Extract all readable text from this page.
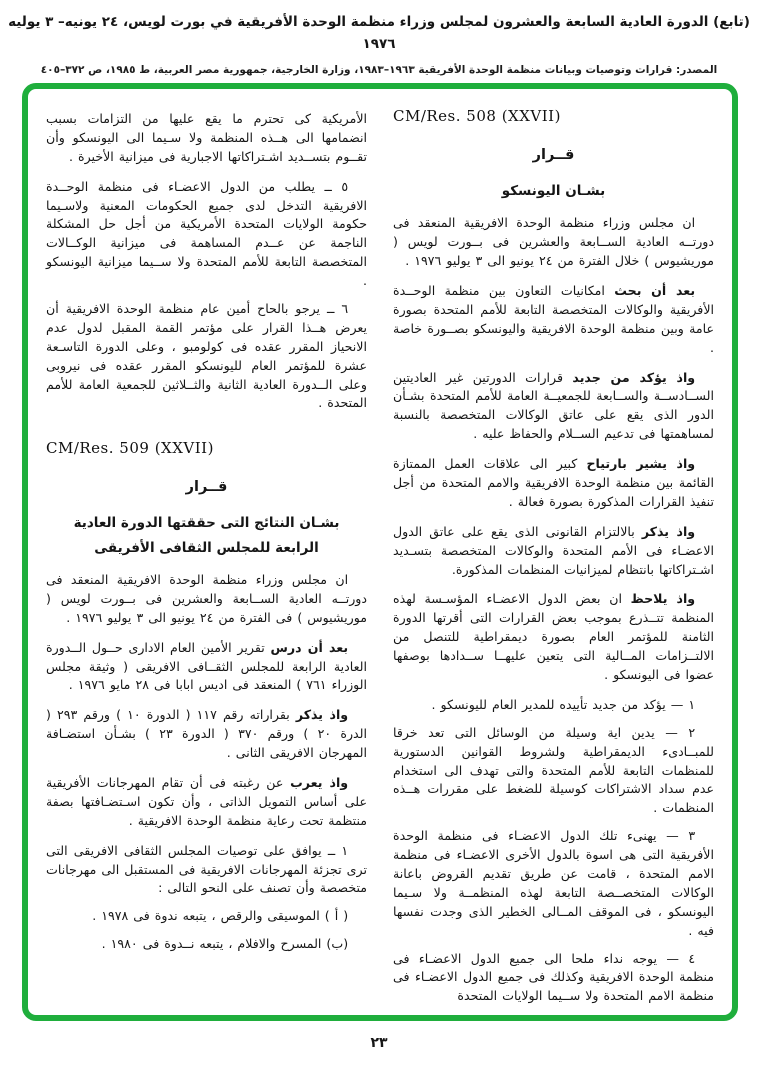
(تابع) الدورة العادية السابعة والعشرون لمجلس وزراء منظمة الوحدة الأفريقية في بورت لويس، ٢٤ يونيه– ٣ يوليه ١٩٧٦
المصدر: قرارات وتوصيات وبيانات منظمة الوحدة الأفريقية ١٩٦٣–١٩٨٣، وزارة الخارجية، جمهورية مصر العربية، ط ١٩٨٥، ص ٣٧٢–٤٠٥
CM/Res. 508 (XXVII)
قــرار
بشـان اليونسكو

ان مجلس وزراء منظمة الوحدة الافريقية المنعقد فى دورتــه العادية الســابعة والعشرين فى بــورت لويس ( موريشيوس ) خلال الفترة من ٢٤ يونيو الى ٣ يوليو ١٩٧٦ .

بعد أن بحث امكانيات التعاون بين منظمة الوحــدة الأفريقية والوكالات المتخصصة التابعة للأمم المتحدة بصورة عامة وبين منظمة الوحدة الافريقية واليونسكو بصــورة خاصة .

واذ يؤكد من جديد قرارات الدورتين غير العاديتين الســادســة والســابعة للجمعيــة العامة للأمم المتحدة بشـأن الدور الذى يقع على عاتق الوكالات المتخصصة بالنسبة لمساهمتها فى تدعيم الســلام والحفاظ عليه .

واذ يشير بارتياح كبير الى علاقات العمل الممتازة القائمة بين منظمة الوحدة الافريقية والامم المتحدة من أجل تنفيذ القرارات المذكورة بصورة فعالة .

واذ يذكر بالالتزام القانونى الذى يقع على عاتق الدول الاعضـاء فى الأمم المتحدة والوكالات المتخصصة بتسـديد اشـتراكاتها بانتظام لميزانيات المنظمات المذكورة.

واذ يلاحظ ان بعض الدول الاعضـاء المؤسـسة لهذه المنظمة تتــذرع بموجب بعض القرارات التى أقرتها الدورة الثامنة للمؤتمر العام بصورة ديمقراطية للتنصل من الالتــزامات المــالية التى يتعين عليهــا ســدادها بوصفها عضوا فى اليونسكو .

١ — يؤكد من جديد تأييده للمدير العام لليونسكو .

٢ — يدين اية وسيلة من الوسائل التى تعد خرقا للمبــادىء الديمقراطية ولشروط القوانين الدستورية للمنظمات التابعة للأمم المتحدة والتى تهدف الى استخدام عدم سداد الاشتراكات كوسيلة للضغط على مقررات هــذه المنظمات .

٣ — يهنىء تلك الدول الاعضـاء فى منظمة الوحدة الأفريقية التى هى اسوة بالدول الأخرى الاعضـاء فى منظمة الامم المتحدة ، قامت عن طريق تقديم القروض باعانة الوكالات المتخصــصة التابعة لهذه المنظمــة ولا سـيما اليونسكو ، فى الموقف المــالى الخطير الذى وجدت نفسها فيه .

٤ — يوجه نداء ملحا الى جميع الدول الاعضـاء فى منظمة الوحدة الافريقية وكذلك فى جميع الدول الاعضـاء فى منظمة الامم المتحدة ولا ســيما الولايات المتحدة

الأمريكية كى تحترم ما يقع عليها من التزامات بسبب انضمامها الى هــذه المنظمة ولا سـيما الى اليونسكو وأن تقــوم بتســديد اشـتراكاتها الاجبارية فى ميزانية الأخيرة .

٥ ــ يطلب من الدول الاعضـاء فى منظمة الوحــدة الافريقية التدخل لدى جميع الحكومات المعنية ولاسـيما حكومة الولايات المتحدة الأمريكية من أجل حل المشكلة الناجمة عن عــدم المساهمة فى ميزانية الوكــالات المتخصصة التابعة للأمم المتحدة ولا ســيما ميزانية اليونسكو .

٦ ــ يرجو بالحاح أمين عام منظمة الوحدة الافريقية أن يعرض هــذا القرار على مؤتمر القمة المقبل لدول عدم الانحياز المقرر عقده فى كولومبو ، وعلى الدورة التاسـعة عشرة للمؤتمر العام لليونسكو المقرر عقده فى نيروبى وعلى الــدورة العادية الثانية والثــلاثين للجمعية العامة للأمم المتحدة .

CM/Res. 509 (XXVII)
قــرار
بشـان النتائج التى حققتها الدورة العادية
الرابعة للمجلس الثقافى الأفريقى

ان مجلس وزراء منظمة الوحدة الافريقية المنعقد فى دورتــه العادية الســابعة والعشرين فى بــورت لويس ( موريشيوس ) فى الفترة من ٢٤ يونيو الى ٣ يوليو ١٩٧٦ .

بعد أن درس تقرير الأمين العام الادارى حــول الــدورة العادية الرابعة للمجلس الثقــافى الافريقى ( وثيقة مجلس الوزراء ٧٦١ ) المنعقد فى اديس ابابا فى ٢٨ مايو ١٩٧٦ .

واذ يذكر بقراراته رقم ١١٧ ( الدورة ١٠ ) ورقم ٢٩٣ ( الدرة ٢٠ ) ورقم ٣٧٠ ( الدورة ٢٣ ) بشـأن استضـافة المهرجان الافريقى الثانى .

واذ يعرب عن رغبته فى أن تقام المهرجانات الأفريقية على أساس التمويل الذاتى ، وأن تكون اسـتضـافتها بصفة منتظمة تحت رعاية منظمة الوحدة الافريقية .

١ ــ يوافق على توصيات المجلس الثقافى الافريقى التى ترى تجزئة المهرجانات الافريقية فى المستقبل الى مهرجانات متخصصة وأن تصنف على النحو التالى :

( أ ) الموسيقى والرقص ، يتبعه ندوة فى ١٩٧٨ .

(ب) المسرح والافلام ، يتبعه نــدوة فى ١٩٨٠ .

٢٣
